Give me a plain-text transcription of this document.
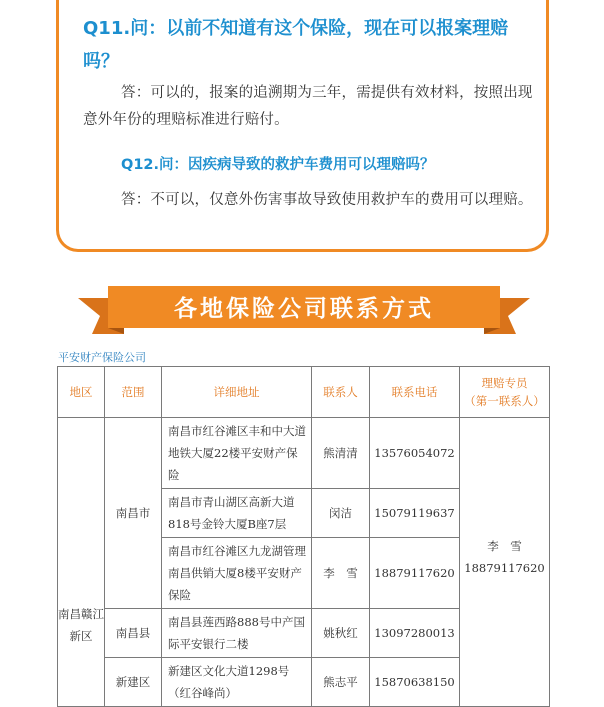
Q11.问：以前不知道有这个保险，现在可以报案理赔吗？
答：可以的，报案的追溯期为三年，需提供有效材料，按照出现意外年份的理赔标准进行赔付。
Q12.问：因疾病导致的救护车费用可以理赔吗？
答：不可以，仅意外伤害事故导致使用救护车的费用可以理赔。
各地保险公司联系方式
平安财产保险公司
地区	范围	详细地址	联系人	联系电话	理赔专员
（第一联系人）

南昌赣江新区	南昌市	南昌市红谷滩区丰和中大道地铁大厦22楼平安财产保险	熊清清	13576054072	李　雪
18879117620
		南昌市青山湖区高新大道818号金铃大厦B座7层	闵洁	15079119637	
		南昌市红谷滩区九龙湖管理南昌供销大厦8楼平安财产保险	李　雪	18879117620	
	南昌县	南昌县莲西路888号中产国际平安银行二楼	姚秋红	13097280013	
	新建区	新建区文化大道1298号（红谷峰尚）	熊志平	15870638150	
